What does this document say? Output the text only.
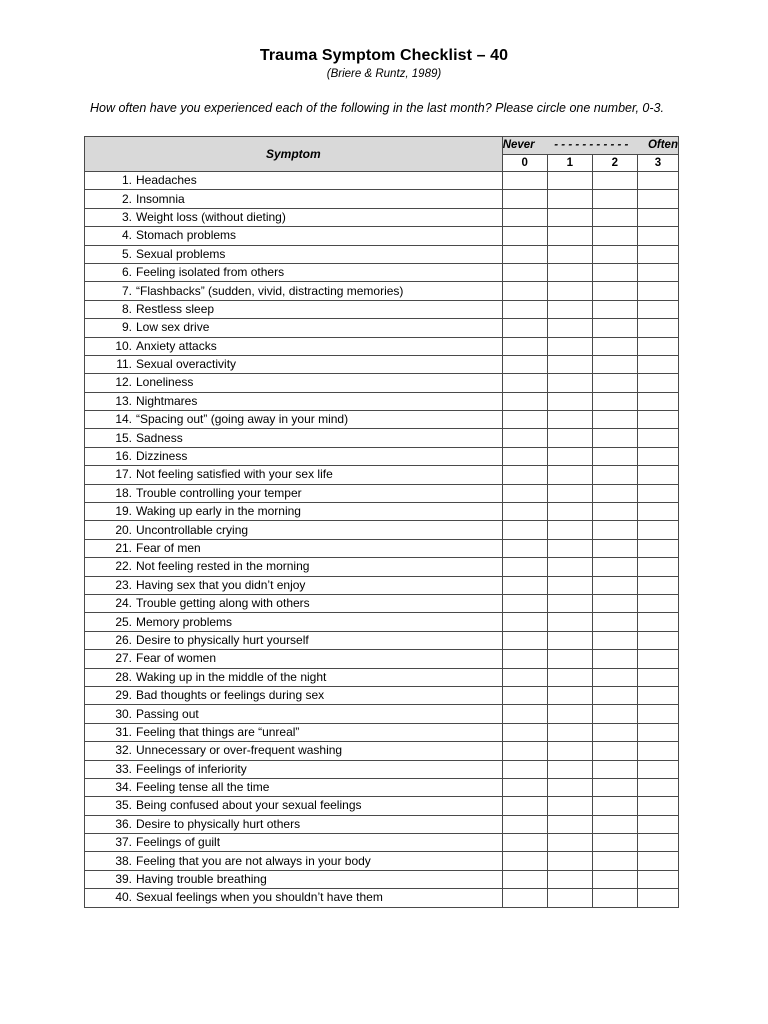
Trauma Symptom Checklist – 40
(Briere & Runtz, 1989)
How often have you experienced each of the following in the last month? Please circle one number, 0-3.
Symptom	Never - - - - - - - - - - - Often			

	0	1	2	3
1. Headaches				
2. Insomnia				
3. Weight loss (without dieting)				
4. Stomach problems				
5. Sexual problems				
6. Feeling isolated from others				
7. “Flashbacks” (sudden, vivid, distracting memories)				
8. Restless sleep				
9. Low sex drive				
10. Anxiety attacks				
11. Sexual overactivity				
12. Loneliness				
13. Nightmares				
14. “Spacing out” (going away in your mind)				
15. Sadness				
16. Dizziness				
17. Not feeling satisfied with your sex life				
18. Trouble controlling your temper				
19. Waking up early in the morning				
20. Uncontrollable crying				
21. Fear of men				
22. Not feeling rested in the morning				
23. Having sex that you didn’t enjoy				
24. Trouble getting along with others				
25. Memory problems				
26. Desire to physically hurt yourself				
27. Fear of women				
28. Waking up in the middle of the night				
29. Bad thoughts or feelings during sex				
30. Passing out				
31. Feeling that things are “unreal”				
32. Unnecessary or over-frequent washing				
33. Feelings of inferiority				
34. Feeling tense all the time				
35. Being confused about your sexual feelings				
36. Desire to physically hurt others				
37. Feelings of guilt				
38. Feeling that you are not always in your body				
39. Having trouble breathing				
40. Sexual feelings when you shouldn’t have them				
